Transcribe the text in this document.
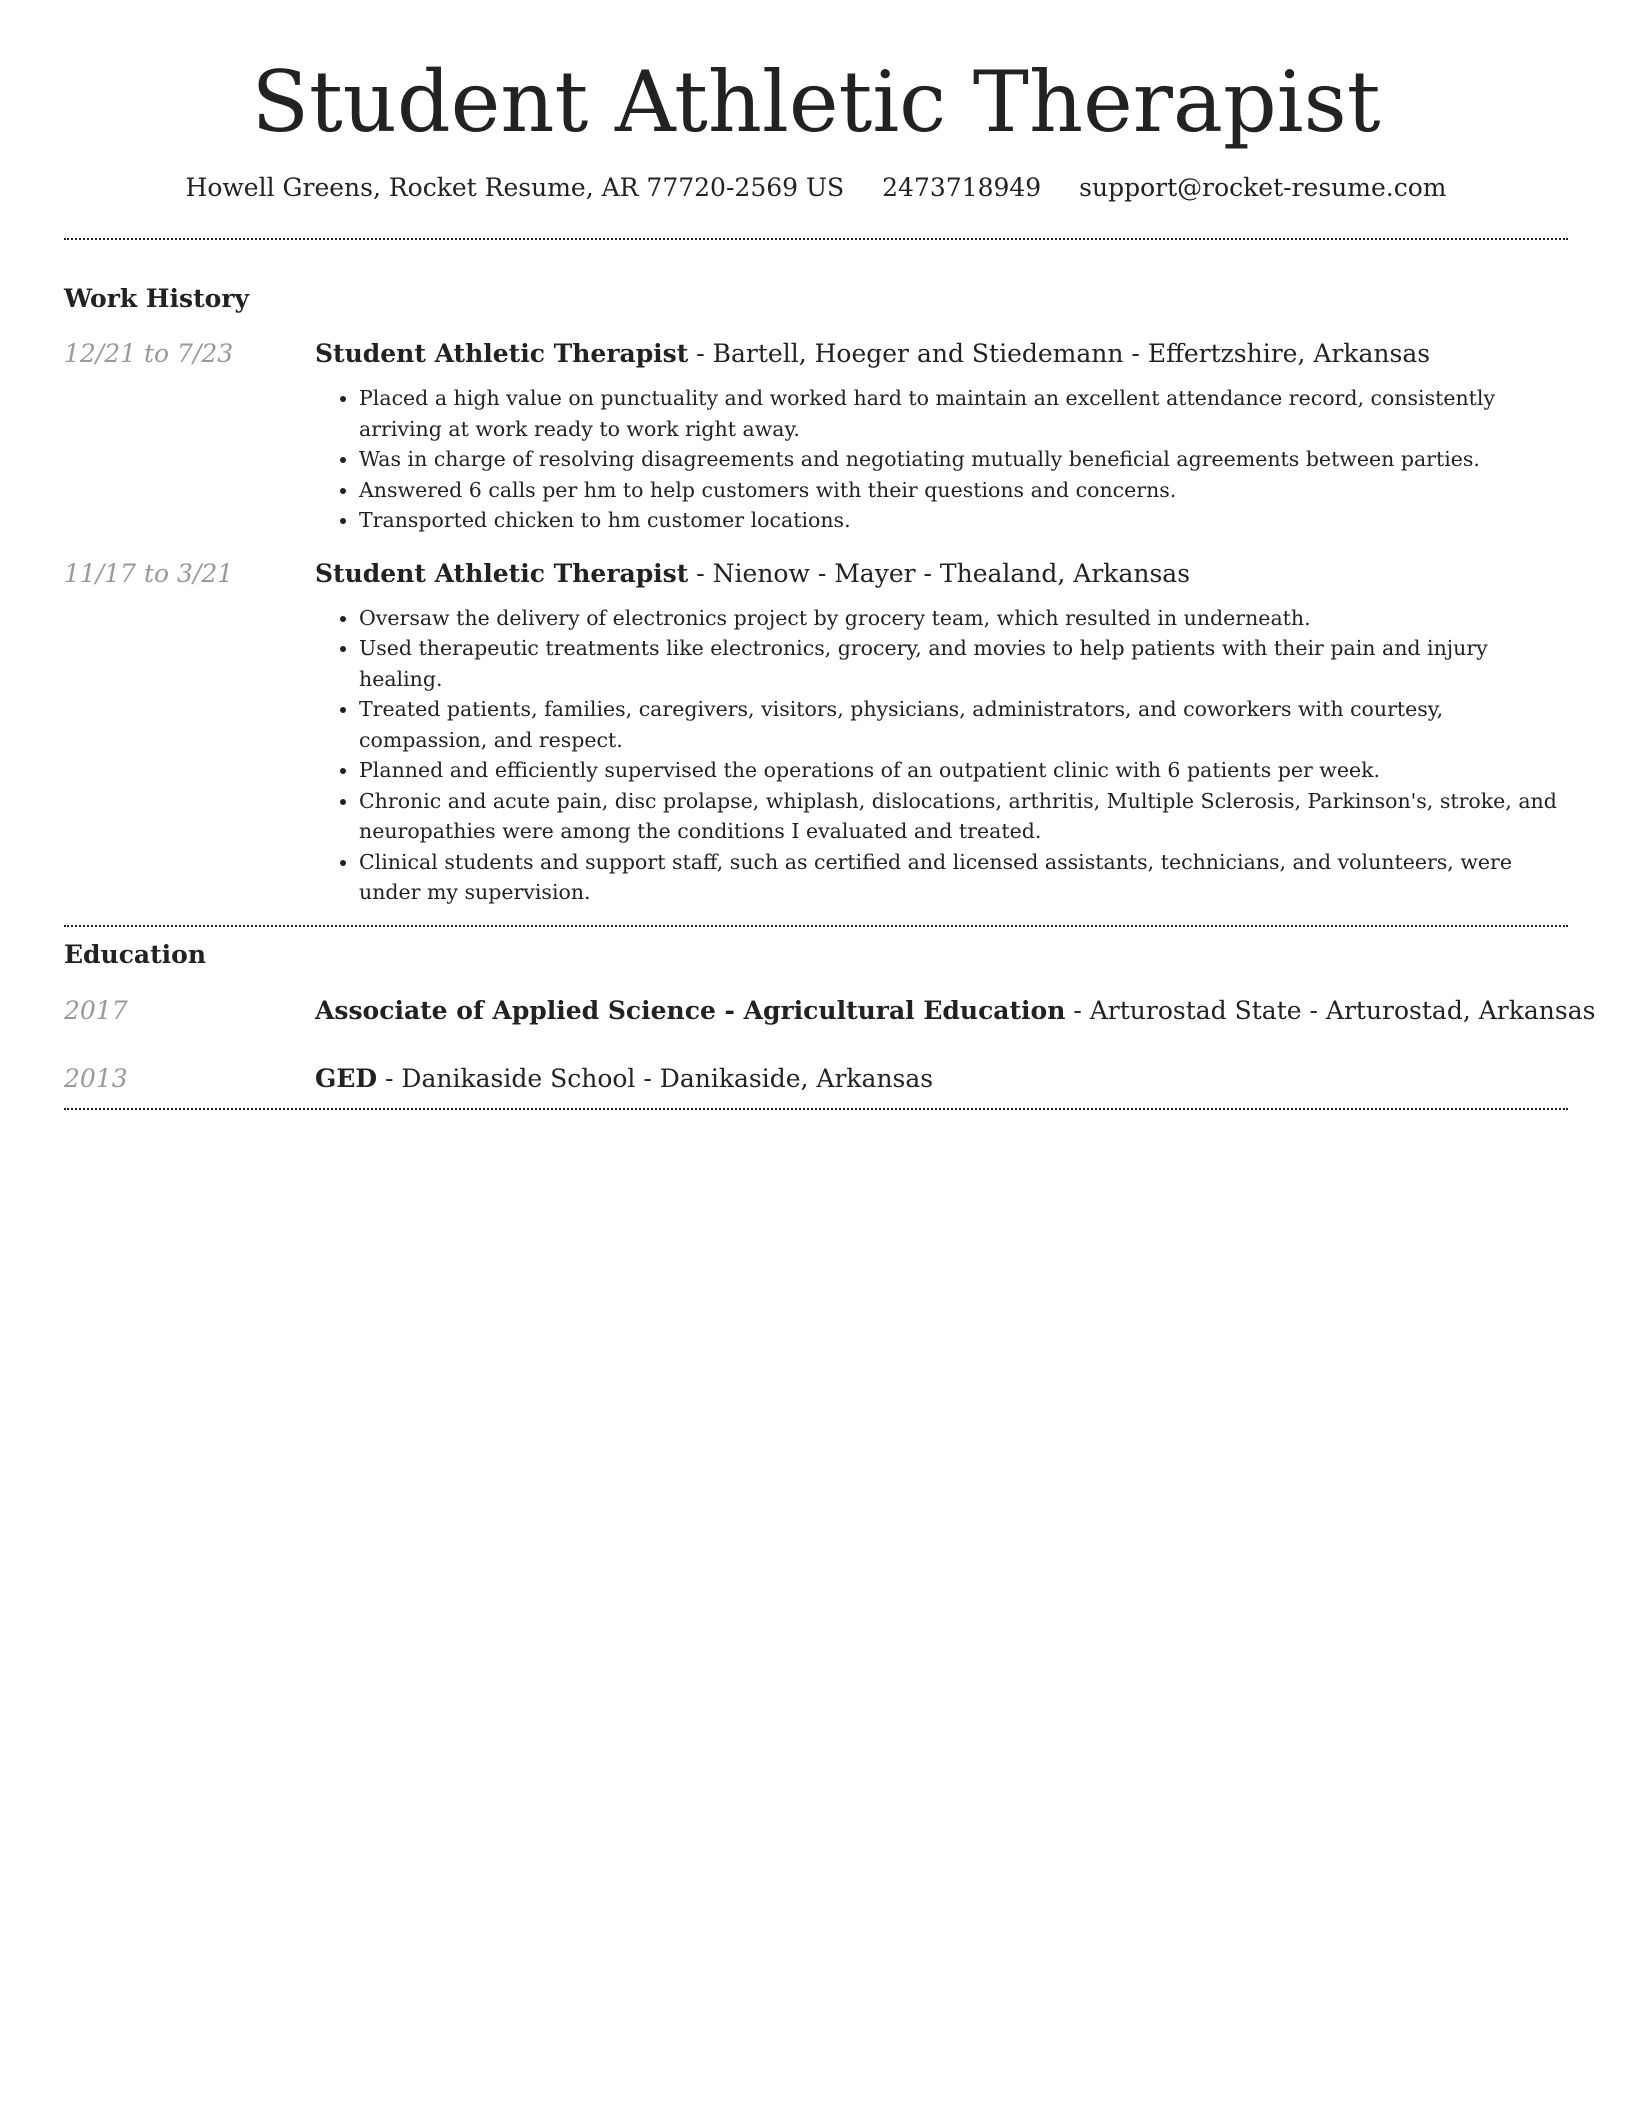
Student Athletic Therapist
Howell Greens, Rocket Resume, AR 77720-2569 US 2473718949 support@rocket-resume.com
Work History
12/21 to 7/23	Student Athletic Therapist - Bartell, Hoeger and Stiedemann - Effertzshire, Arkansas
• Placed a high value on punctuality and worked hard to maintain an excellent attendance record, consistently arriving at work ready to work right away.
• Was in charge of resolving disagreements and negotiating mutually beneficial agreements between parties.
• Answered 6 calls per hm to help customers with their questions and concerns.
• Transported chicken to hm customer locations.
11/17 to 3/21	Student Athletic Therapist - Nienow - Mayer - Thealand, Arkansas
• Oversaw the delivery of electronics project by grocery team, which resulted in underneath.
• Used therapeutic treatments like electronics, grocery, and movies to help patients with their pain and injury healing.
• Treated patients, families, caregivers, visitors, physicians, administrators, and coworkers with courtesy, compassion, and respect.
• Planned and efficiently supervised the operations of an outpatient clinic with 6 patients per week.
• Chronic and acute pain, disc prolapse, whiplash, dislocations, arthritis, Multiple Sclerosis, Parkinson's, stroke, and neuropathies were among the conditions I evaluated and treated.
• Clinical students and support staff, such as certified and licensed assistants, technicians, and volunteers, were under my supervision.
Education
2017	Associate of Applied Science - Agricultural Education - Arturostad State - Arturostad, Arkansas
2013	GED - Danikaside School - Danikaside, Arkansas
